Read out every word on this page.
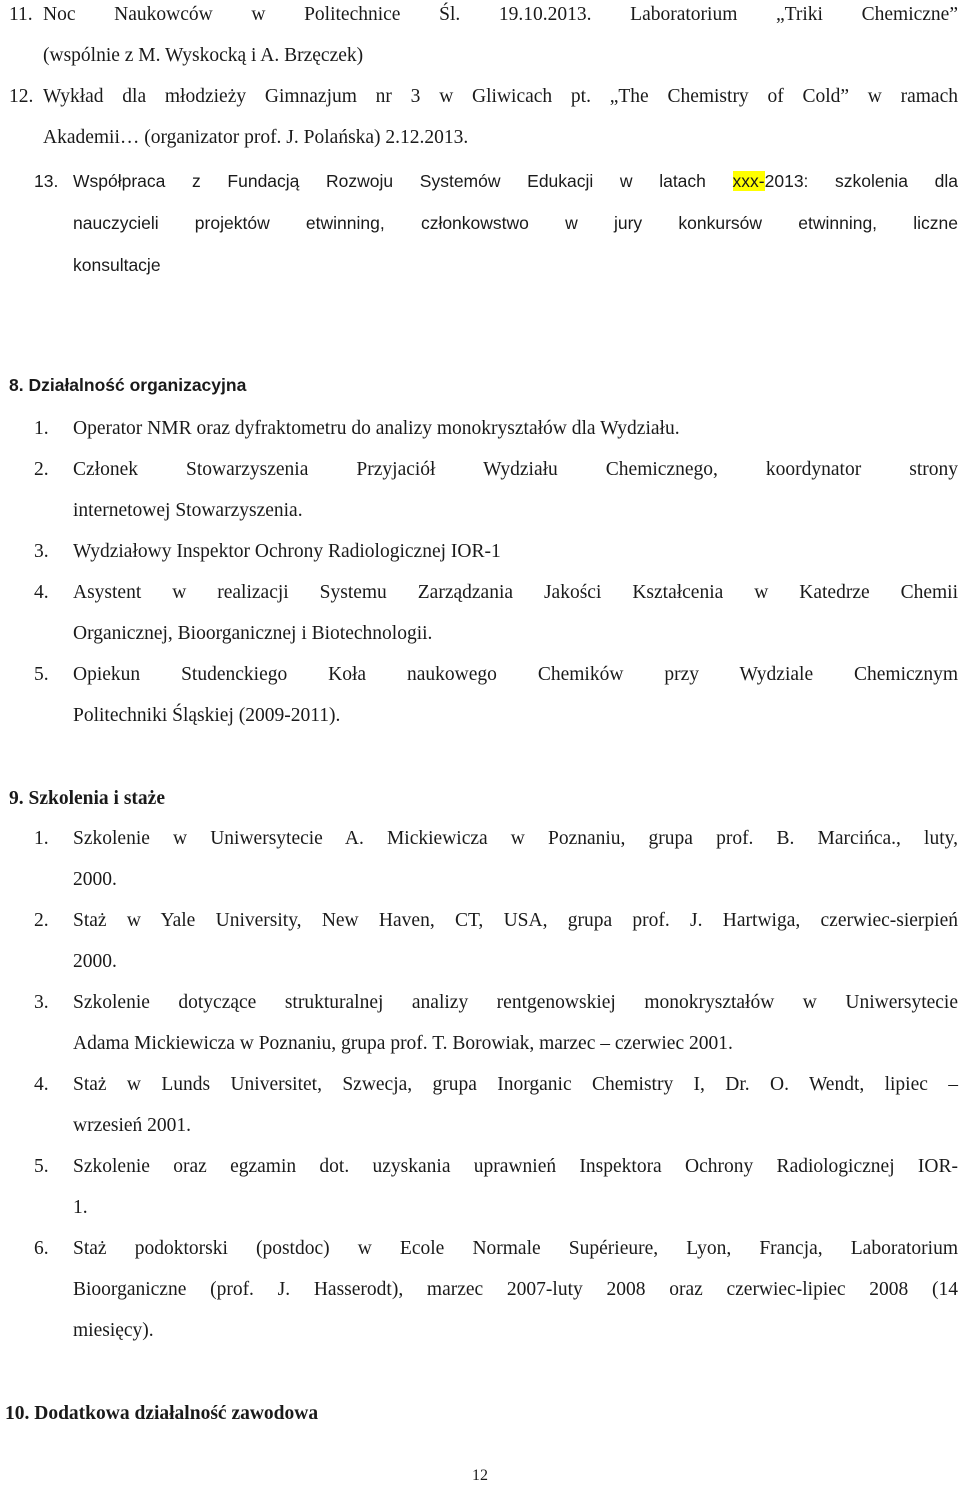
11. Noc Naukowców w Politechnice Śl. 19.10.2013. Laboratorium „Triki Chemiczne”
(wspólnie z M. Wyskocką i A. Brzęczek)
12. Wykład dla młodzieży Gimnazjum nr 3 w Gliwicach pt. „The Chemistry of Cold” w ramach
Akademii… (organizator prof. J. Polańska) 2.12.2013.
13. Współpraca z Fundacją Rozwoju Systemów Edukacji w latach xxx-2013: szkolenia dla
nauczycieli projektów etwinning, członkowstwo w jury konkursów etwinning, liczne
konsultacje
8. Działalność organizacyjna
1. Operator NMR oraz dyfraktometru do analizy monokryształów dla Wydziału.
2. Członek Stowarzyszenia Przyjaciół Wydziału Chemicznego, koordynator strony
internetowej Stowarzyszenia.
3. Wydziałowy Inspektor Ochrony Radiologicznej IOR-1
4. Asystent w realizacji Systemu Zarządzania Jakości Kształcenia w Katedrze Chemii
Organicznej, Bioorganicznej i Biotechnologii.
5. Opiekun Studenckiego Koła naukowego Chemików przy Wydziale Chemicznym
Politechniki Śląskiej (2009-2011).
9. Szkolenia i staże
1. Szkolenie w Uniwersytecie A. Mickiewicza w Poznaniu, grupa prof. B. Marcińca., luty,
2000.
2. Staż w Yale University, New Haven, CT, USA, grupa prof. J. Hartwiga, czerwiec-sierpień
2000.
3. Szkolenie dotyczące strukturalnej analizy rentgenowskiej monokryształów w Uniwersytecie
Adama Mickiewicza w Poznaniu, grupa prof. T. Borowiak, marzec – czerwiec 2001.
4. Staż w Lunds Universitet, Szwecja, grupa Inorganic Chemistry I, Dr. O. Wendt, lipiec –
wrzesień 2001.
5. Szkolenie oraz egzamin dot. uzyskania uprawnień Inspektora Ochrony Radiologicznej IOR-
1.
6. Staż podoktorski (postdoc) w Ecole Normale Supérieure, Lyon, Francja, Laboratorium
Bioorganiczne (prof. J. Hasserodt), marzec 2007-luty 2008 oraz czerwiec-lipiec 2008 (14
miesięcy).
10. Dodatkowa działalność zawodowa
12
